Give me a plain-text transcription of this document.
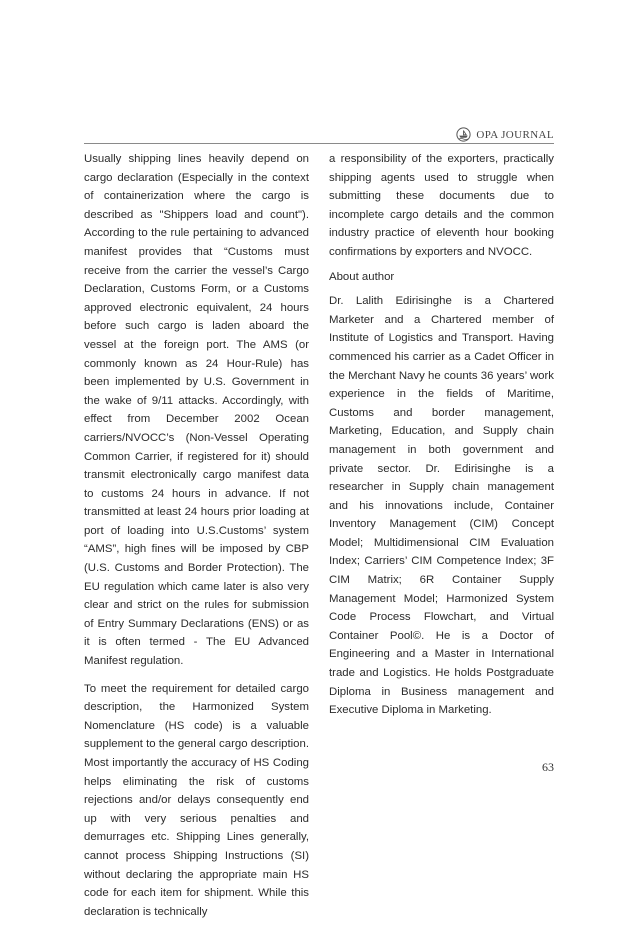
OPA JOURNAL

Usually shipping lines heavily depend on cargo declaration (Especially in the context of containerization where the cargo is described as "Shippers load and count"). According to the rule pertaining to advanced manifest provides that “Customs must receive from the carrier the vessel’s Cargo Declaration, Customs Form, or a Customs approved electronic equivalent, 24 hours before such cargo is laden aboard the vessel at the foreign port. The AMS (or commonly known as 24 Hour-Rule) has been implemented by U.S. Government in the wake of 9/11 attacks. Accordingly, with effect from December 2002 Ocean carriers/NVOCC’s (Non-Vessel Operating Common Carrier, if registered for it) should transmit electronically cargo manifest data to customs 24 hours in advance. If not transmitted at least 24 hours prior loading at port of loading into U.S.Customs’ system “AMS”, high fines will be imposed by CBP (U.S. Customs and Border Protection). The EU regulation which came later is also very clear and strict on the rules for submission of Entry Summary Declarations (ENS) or as it is often termed - The EU Advanced Manifest regulation.

To meet the requirement for detailed cargo description, the Harmonized System Nomenclature (HS code) is a valuable supplement to the general cargo description. Most importantly the accuracy of HS Coding helps eliminating the risk of customs rejections and/or delays consequently end up with very serious penalties and demurrages etc. Shipping Lines generally, cannot process Shipping Instructions (SI) without declaring the appropriate main HS code for each item for shipment. While this declaration is technically

a responsibility of the exporters, practically shipping agents used to struggle when submitting these documents due to incomplete cargo details and the common industry practice of eleventh hour booking confirmations by exporters and NVOCC.

About author

Dr. Lalith Edirisinghe is a Chartered Marketer and a Chartered member of Institute of Logistics and Transport. Having commenced his carrier as a Cadet Officer in the Merchant Navy he counts 36 years’ work experience in the fields of Maritime, Customs and border management, Marketing, Education, and Supply chain management in both government and private sector. Dr. Edirisinghe is a researcher in Supply chain management and his innovations include, Container Inventory Management (CIM) Concept Model; Multidimensional CIM Evaluation Index; Carriers’ CIM Competence Index; 3F CIM Matrix; 6R Container Supply Management Model; Harmonized System Code Process Flowchart, and Virtual Container Pool©. He is a Doctor of Engineering and a Master in International trade and Logistics. He holds Postgraduate Diploma in Business management and Executive Diploma in Marketing.

63
